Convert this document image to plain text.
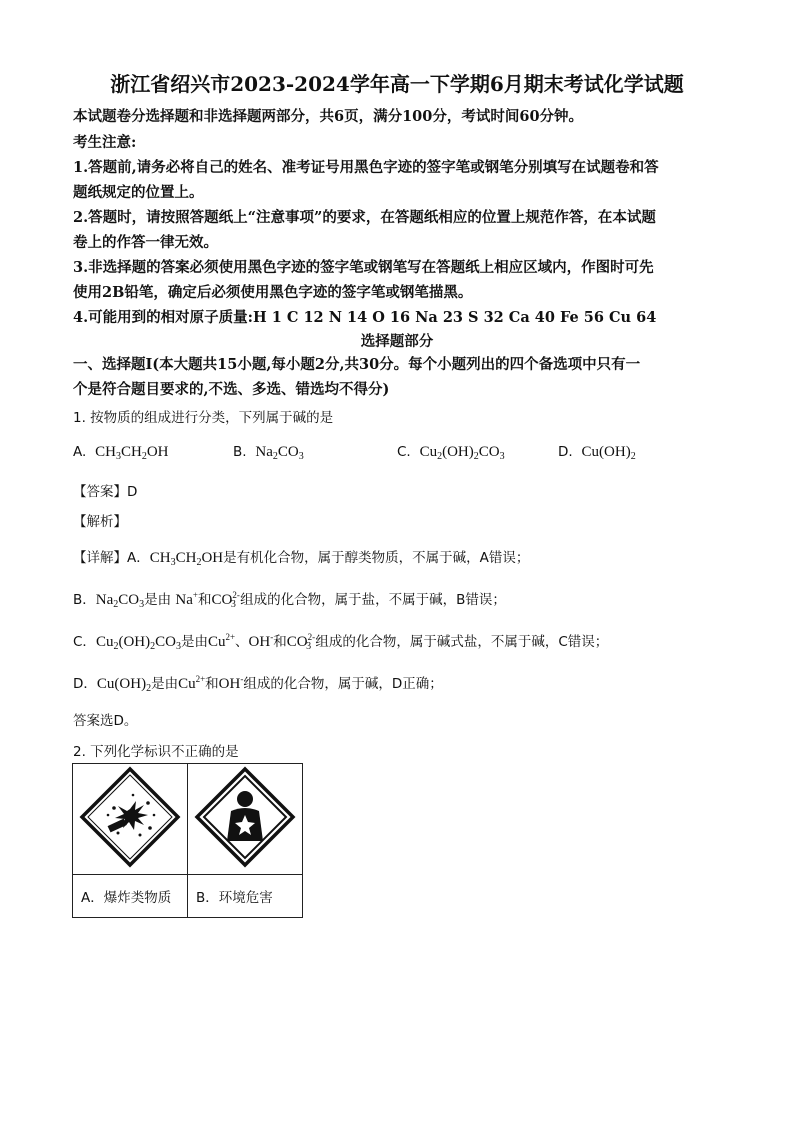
浙江省绍兴市2023-2024学年高一下学期6月期末考试化学试题
本试题卷分选择题和非选择题两部分，共6页，满分100分，考试时间60分钟。
考生注意:
1.答题前,请务必将自己的姓名、准考证号用黑色字迹的签字笔或钢笔分别填写在试题卷和答
题纸规定的位置上。
2.答题时，请按照答题纸上“注意事项”的要求，在答题纸相应的位置上规范作答，在本试题
卷上的作答一律无效。
3.非选择题的答案必须使用黑色字迹的签字笔或钢笔写在答题纸上相应区域内，作图时可先
使用2B铅笔，确定后必须使用黑色字迹的签字笔或钢笔描黑。
4.可能用到的相对原子质量:H 1 C 12 N 14 O 16 Na 23 S 32 Ca 40 Fe 56 Cu 64
选择题部分
一、选择题Ⅰ(本大题共15小题,每小题2分,共30分。每个小题列出的四个备选项中只有一
个是符合题目要求的,不选、多选、错选均不得分)
1. 按物质的组成进行分类，下列属于碱的是
A.  $CH_3CH_2OH$	B.  $Na_2CO_3$	C.  $Cu_2(OH)_2CO_3$	D.  $Cu(OH)_2$
【答案】D
【解析】
【详解】A．$CH_3CH_2OH$是有机化合物，属于醇类物质，不属于碱，A错误；
B．$Na_2CO_3$是由 Na+和$CO^{2-}_3$ 组成的化合物，属于盐，不属于碱，B错误；
C．$Cu_2(OH)_2CO_3$是由$Cu^{2+}$、OH-和$CO^{2-}_3$ 组成的化合物，属于碱式盐，不属于碱，C错误；
D．$Cu(OH)_2$是由$Cu^{2+}$和OH-组成的化合物，属于碱，D正确；
答案选D。
2. 下列化学标识不正确的是

A．爆炸类物质	B．环境危害
